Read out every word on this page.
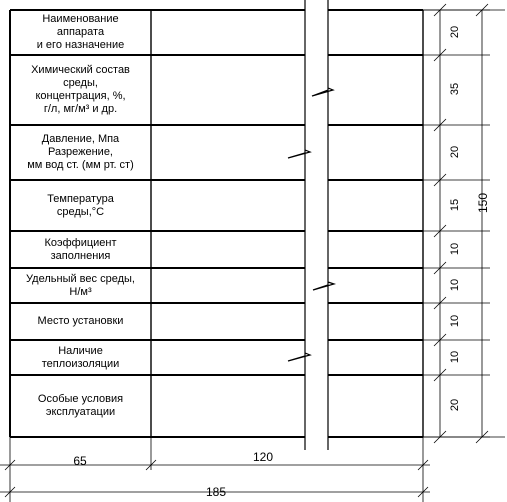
Наименование
аппарата
и его назначение
Химический состав
среды,
концентрация, %,
г/л, мг/м³ и др.
Давление, Мпа
Разрежение,
мм вод ст. (мм рт. ст)
Температура
среды,°C
Коэффициент
заполнения
Удельный вес среды,
Н/м³
Место установки
Наличие
теплоизоляции
Особые условия
эксплуатации
20
35
20
15
10
10
10
10
20
65	120
185
150
